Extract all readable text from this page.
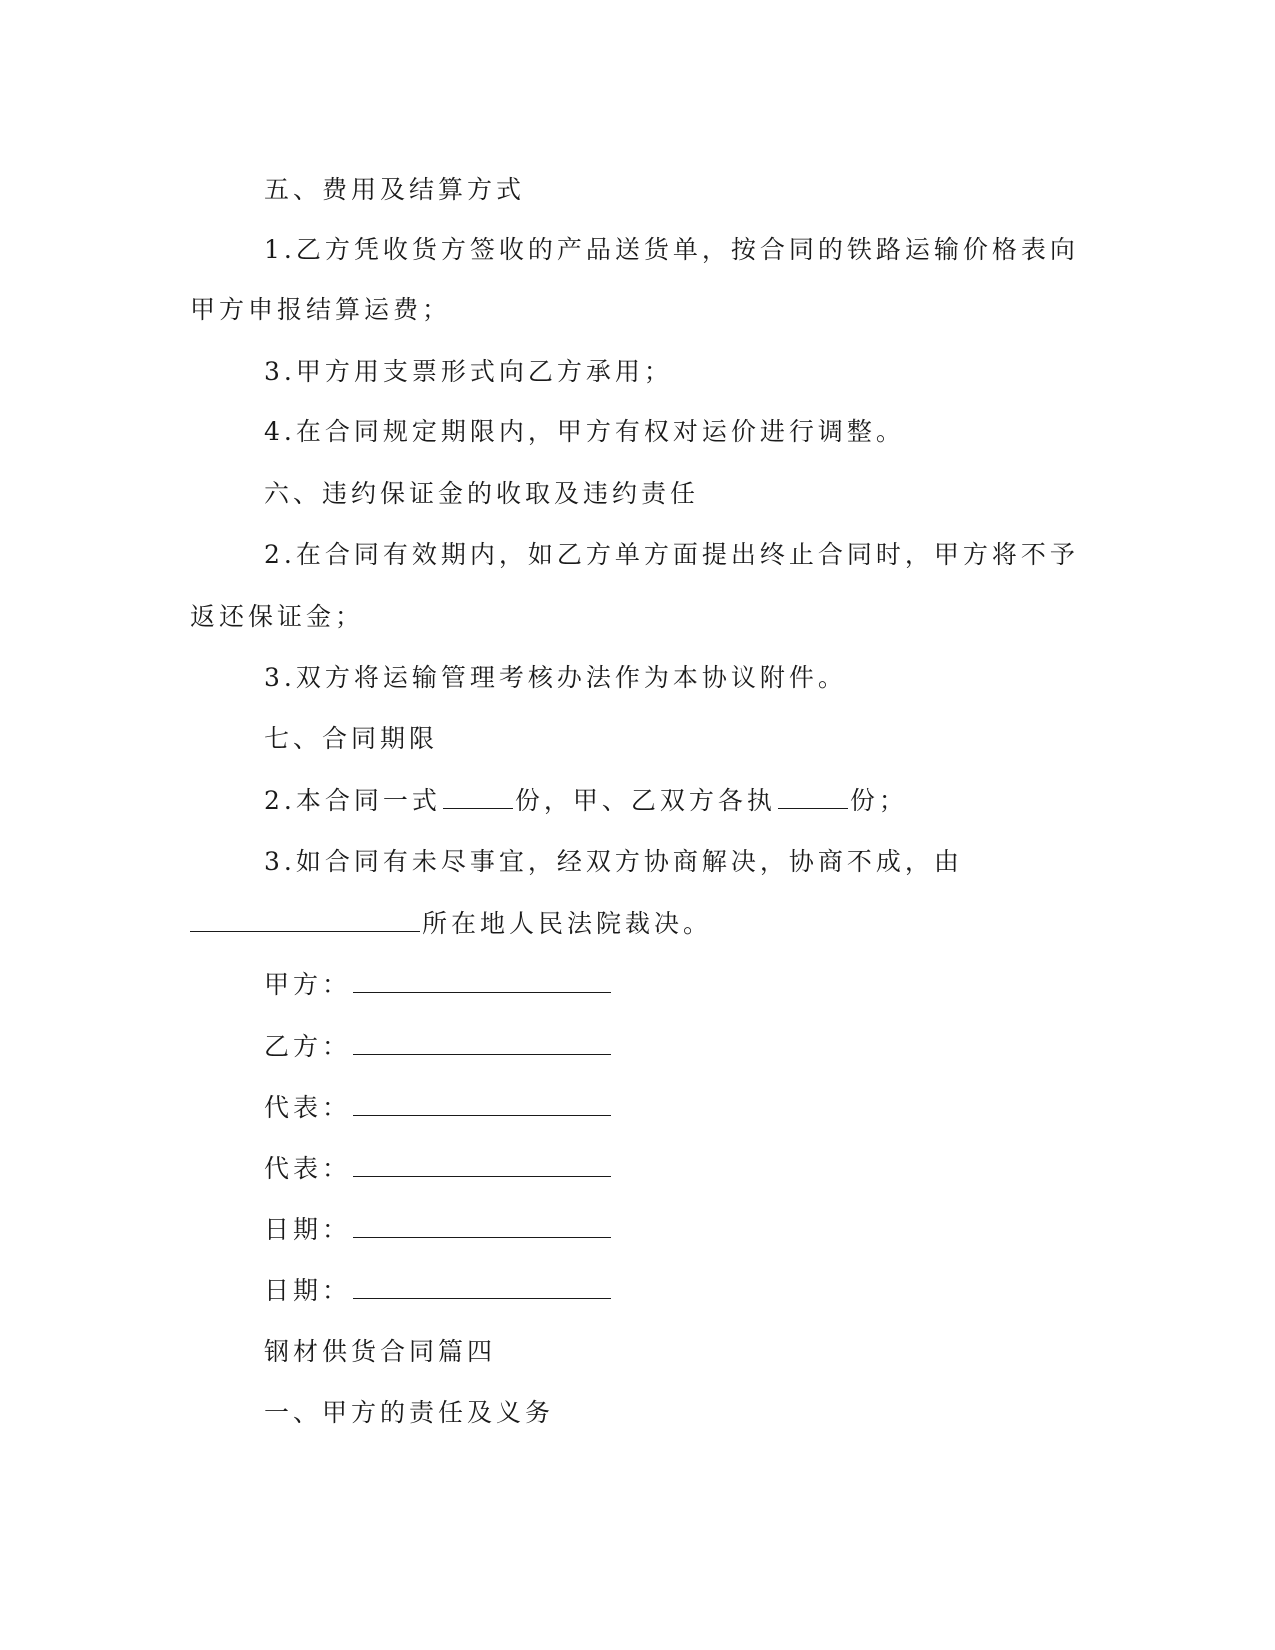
五、费用及结算方式
1.乙方凭收货方签收的产品送货单，按合同的铁路运输价格表向
甲方申报结算运费；
3.甲方用支票形式向乙方承用；
4.在合同规定期限内，甲方有权对运价进行调整。
六、违约保证金的收取及违约责任
2.在合同有效期内，如乙方单方面提出终止合同时，甲方将不予
返还保证金；
3.双方将运输管理考核办法作为本协议附件。
七、合同期限
2.本合同一式	份，甲、乙双方各执	份；
3.如合同有未尽事宜，经双方协商解决，协商不成，由
所在地人民法院裁决。
甲方：
乙方：
代表：
代表：
日期：
日期：
钢材供货合同篇四
一、甲方的责任及义务
